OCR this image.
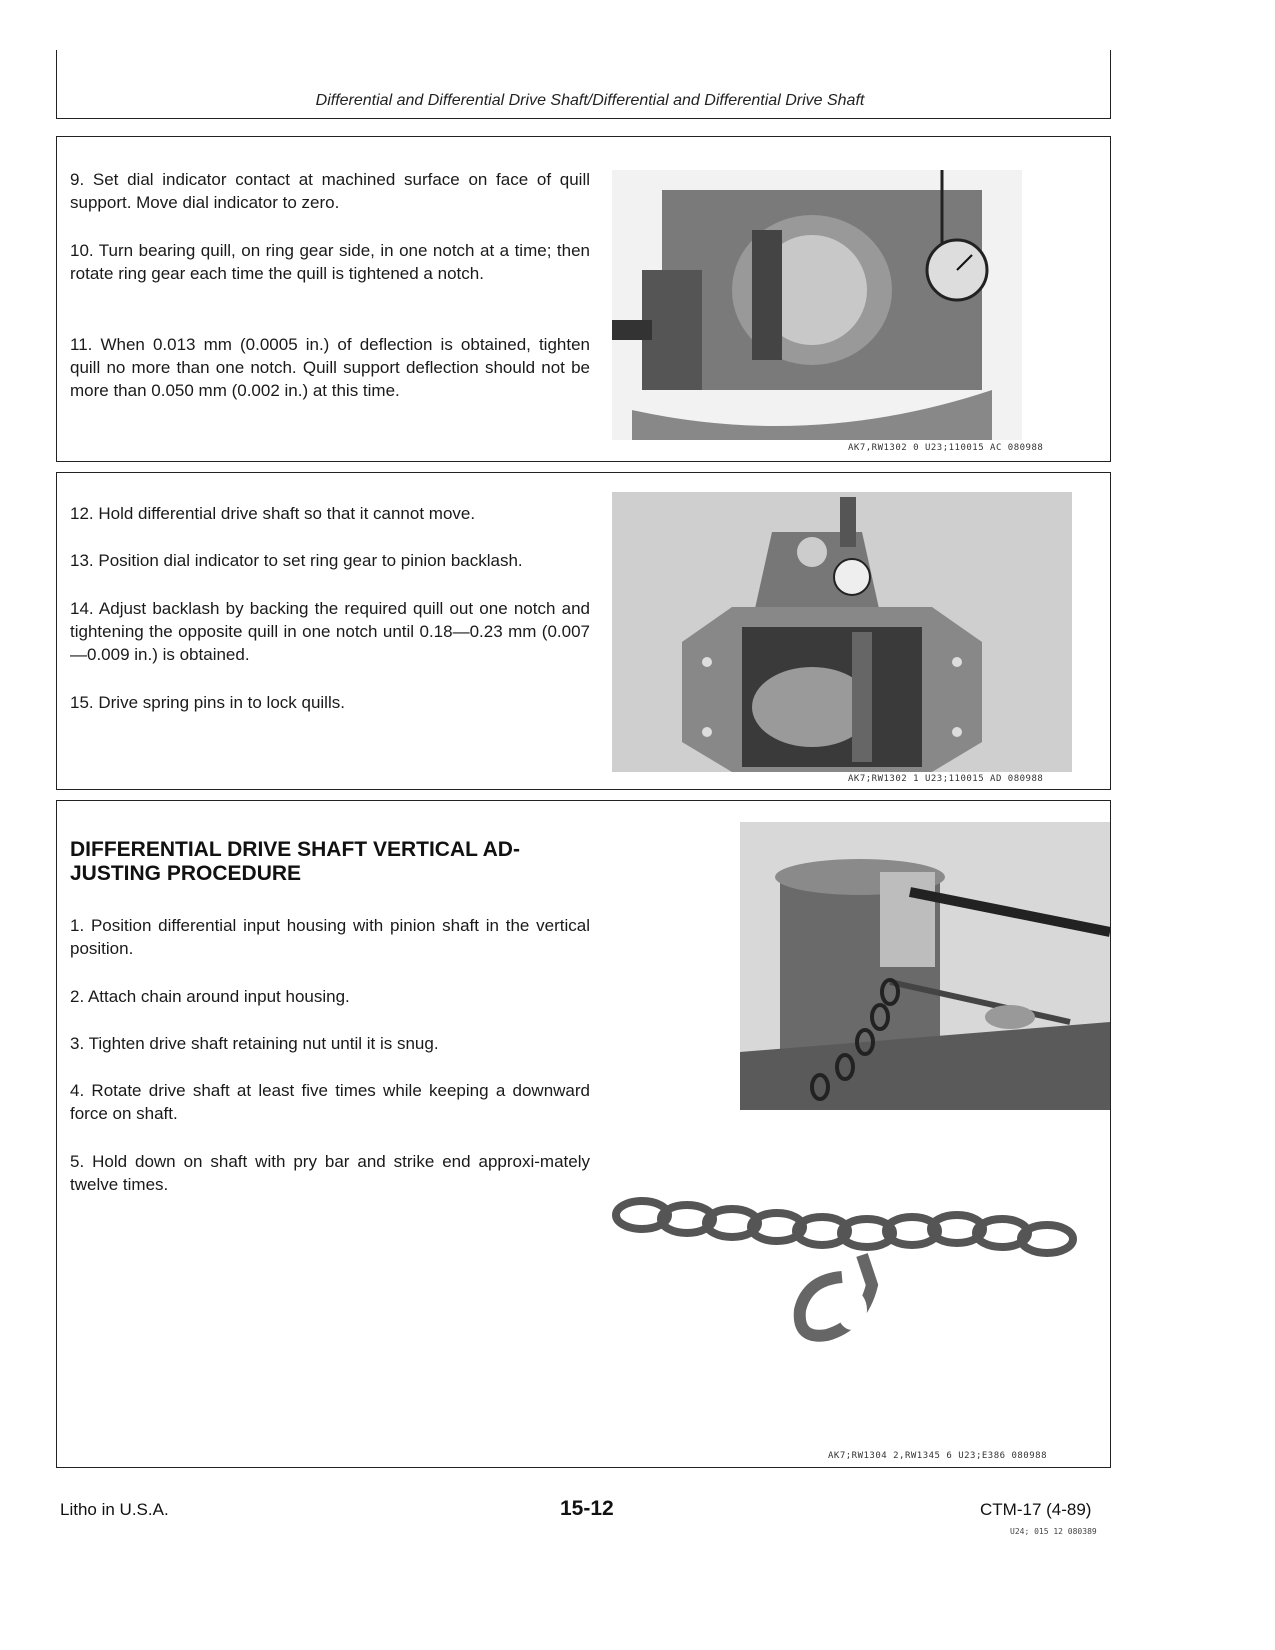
Differential and Differential Drive Shaft/Differential and Differential Drive Shaft
9. Set dial indicator contact at machined surface on face of quill support. Move dial indicator to zero.
10. Turn bearing quill, on ring gear side, in one notch at a time; then rotate ring gear each time the quill is tightened a notch.
11. When 0.013 mm (0.0005 in.) of deflection is obtained, tighten quill no more than one notch. Quill support deflection should not be more than 0.050 mm (0.002 in.) at this time.
AK7,RW1302 0 U23;110015 AC 080988
12. Hold differential drive shaft so that it cannot move.
13. Position dial indicator to set ring gear to pinion backlash.
14. Adjust backlash by backing the required quill out one notch and tightening the opposite quill in one notch until 0.18—0.23 mm (0.007—0.009 in.) is obtained.
15. Drive spring pins in to lock quills.
AK7;RW1302 1 U23;110015 AD 080988
DIFFERENTIAL DRIVE SHAFT VERTICAL AD-JUSTING PROCEDURE
1. Position differential input housing with pinion shaft in the vertical position.
2. Attach chain around input housing.
3. Tighten drive shaft retaining nut until it is snug.
4. Rotate drive shaft at least five times while keeping a downward force on shaft.
5. Hold down on shaft with pry bar and strike end approxi-mately twelve times.
AK7;RW1304 2,RW1345 6 U23;E386 080988
Litho in U.S.A.	15-12	CTM-17 (4-89)
U24; 015 12 080389
